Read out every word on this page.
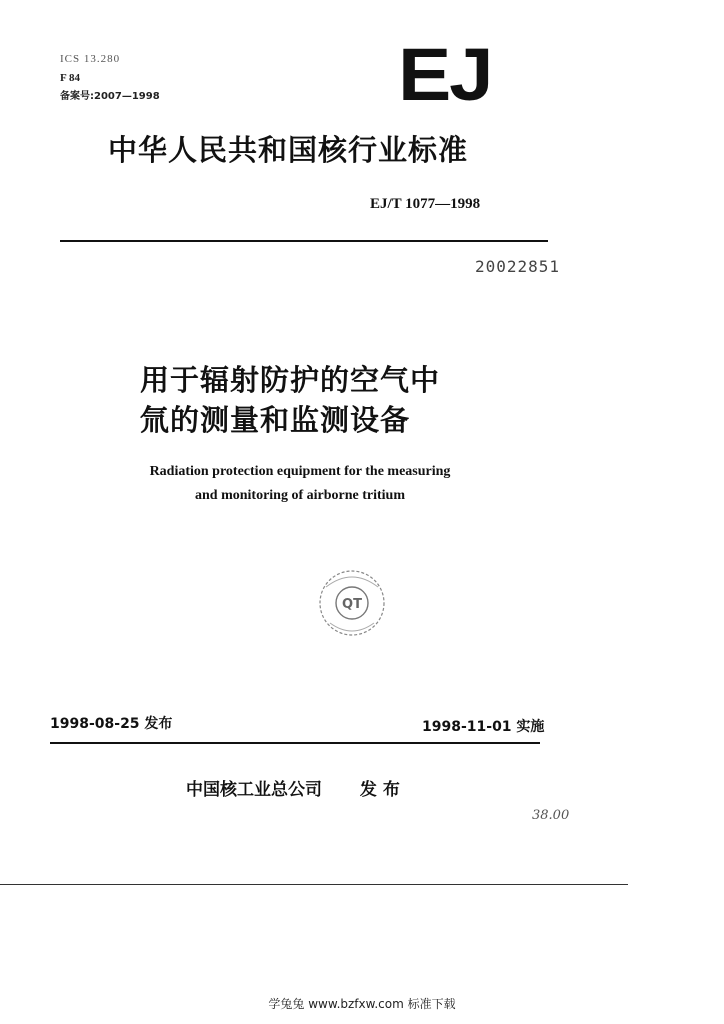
ICS 13.280
F 84
备案号:2007—1998	EJ
中华人民共和国核行业标准
EJ/T 1077—1998
20022851
用于辐射防护的空气中
氚的测量和监测设备
Radiation protection equipment for the measuring
and monitoring of airborne tritium
QT
1998-08-25 发布	1998-11-01 实施
中国核工业总公司 发 布
38.00
学兔兔 www.bzfxw.com 标准下载
